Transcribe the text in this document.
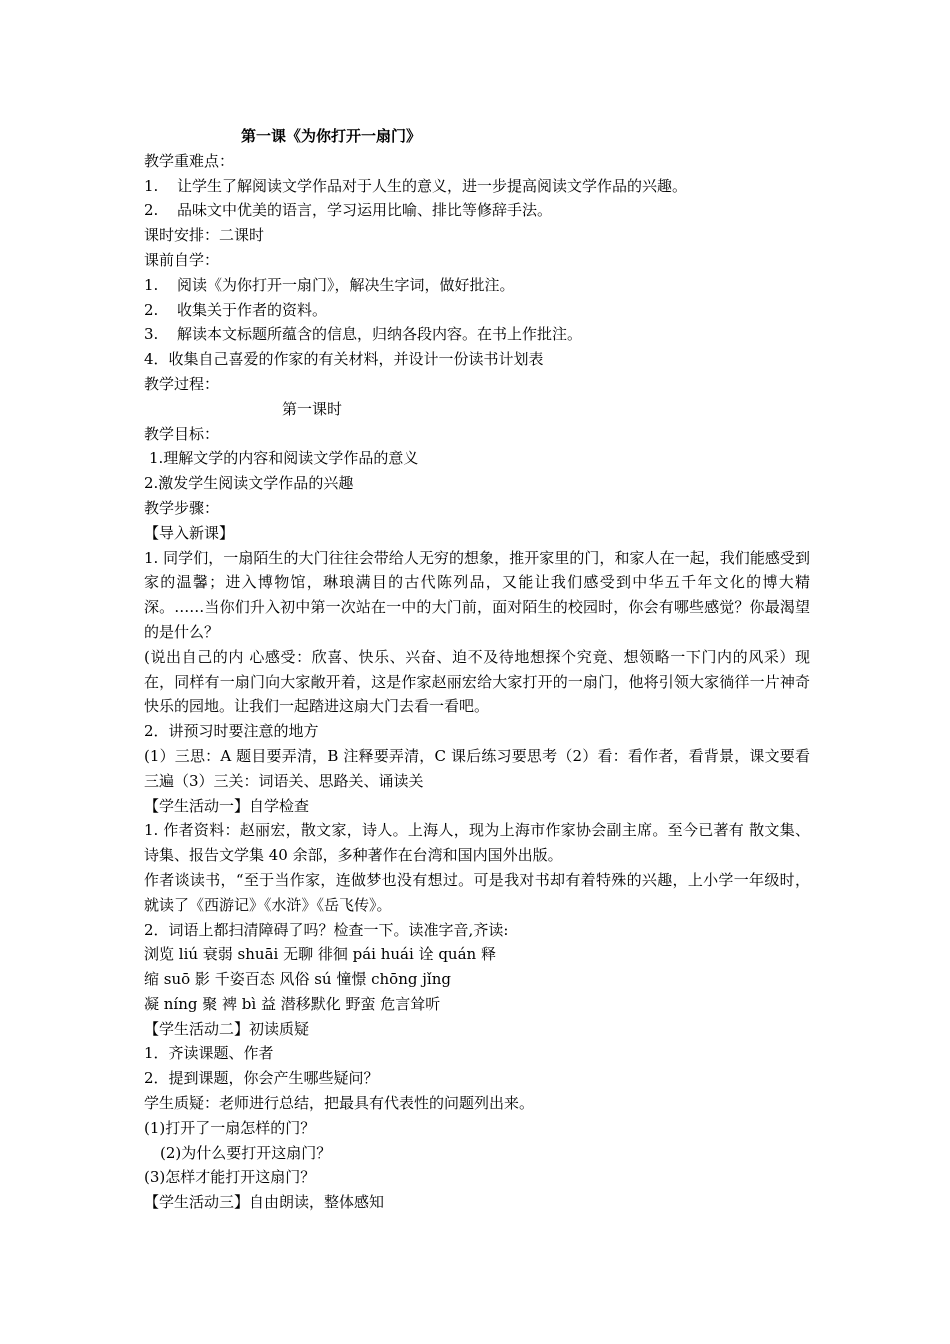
第一课《为你打开一扇门》
教学重难点：
1. 让学生了解阅读文学作品对于人生的意义，进一步提高阅读文学作品的兴趣。
2. 品味文中优美的语言，学习运用比喻、排比等修辞手法。
课时安排：二课时
课前自学：
1. 阅读《为你打开一扇门》，解决生字词，做好批注。
2. 收集关于作者的资料。
3. 解读本文标题所蕴含的信息，归纳各段内容。在书上作批注。
4．收集自己喜爱的作家的有关材料，并设计一份读书计划表
教学过程：
第一课时
教学目标：
1.理解文学的内容和阅读文学作品的意义
2.激发学生阅读文学作品的兴趣
教学步骤：
【导入新课】
1. 同学们，一扇陌生的大门往往会带给人无穷的想象，推开家里的门，和家人在一起，我们能感受到家的温馨；进入博物馆，琳琅满目的古代陈列品，又能让我们感受到中华五千年文化的博大精深。……当你们升入初中第一次站在一中的大门前，面对陌生的校园时，你会有哪些感觉？你最渴望的是什么？
(说出自己的内 心感受：欣喜、快乐、兴奋、迫不及待地想探个究竟、想领略一下门内的风采）现在，同样有一扇门向大家敞开着，这是作家赵丽宏给大家打开的一扇门，他将引领大家徜徉一片神奇快乐的园地。让我们一起踏进这扇大门去看一看吧。
2．讲预习时要注意的地方
(1）三思：A 题目要弄清，B 注释要弄清，C 课后练习要思考（2）看：看作者，看背景，课文要看三遍（3）三关：词语关、思路关、诵读关
【学生活动一】自学检查
1. 作者资料：赵丽宏，散文家，诗人。上海人，现为上海市作家协会副主席。至今已著有 散文集、诗集、报告文学集 40 余部，多种著作在台湾和国内国外出版。
作者谈读书，“至于当作家，连做梦也没有想过。可是我对书却有着特殊的兴趣，上小学一年级时，就读了《西游记》《水浒》《岳飞传》。
2．词语上都扫清障碍了吗？检查一下。读准字音,齐读:
浏览 liú 衰弱 shuāi 无聊 徘徊 pái huái 诠 quán 释
缩 suō 影 千姿百态 风俗 sú 憧憬 chōng jǐng
凝 níng 聚 裨 bì 益 潜移默化 野蛮 危言耸听
【学生活动二】初读质疑
1．齐读课题、作者
2．提到课题，你会产生哪些疑问？
学生质疑：老师进行总结，把最具有代表性的问题列出来。
(1)打开了一扇怎样的门？
(2)为什么要打开这扇门？
(3)怎样才能打开这扇门？
【学生活动三】自由朗读，整体感知
